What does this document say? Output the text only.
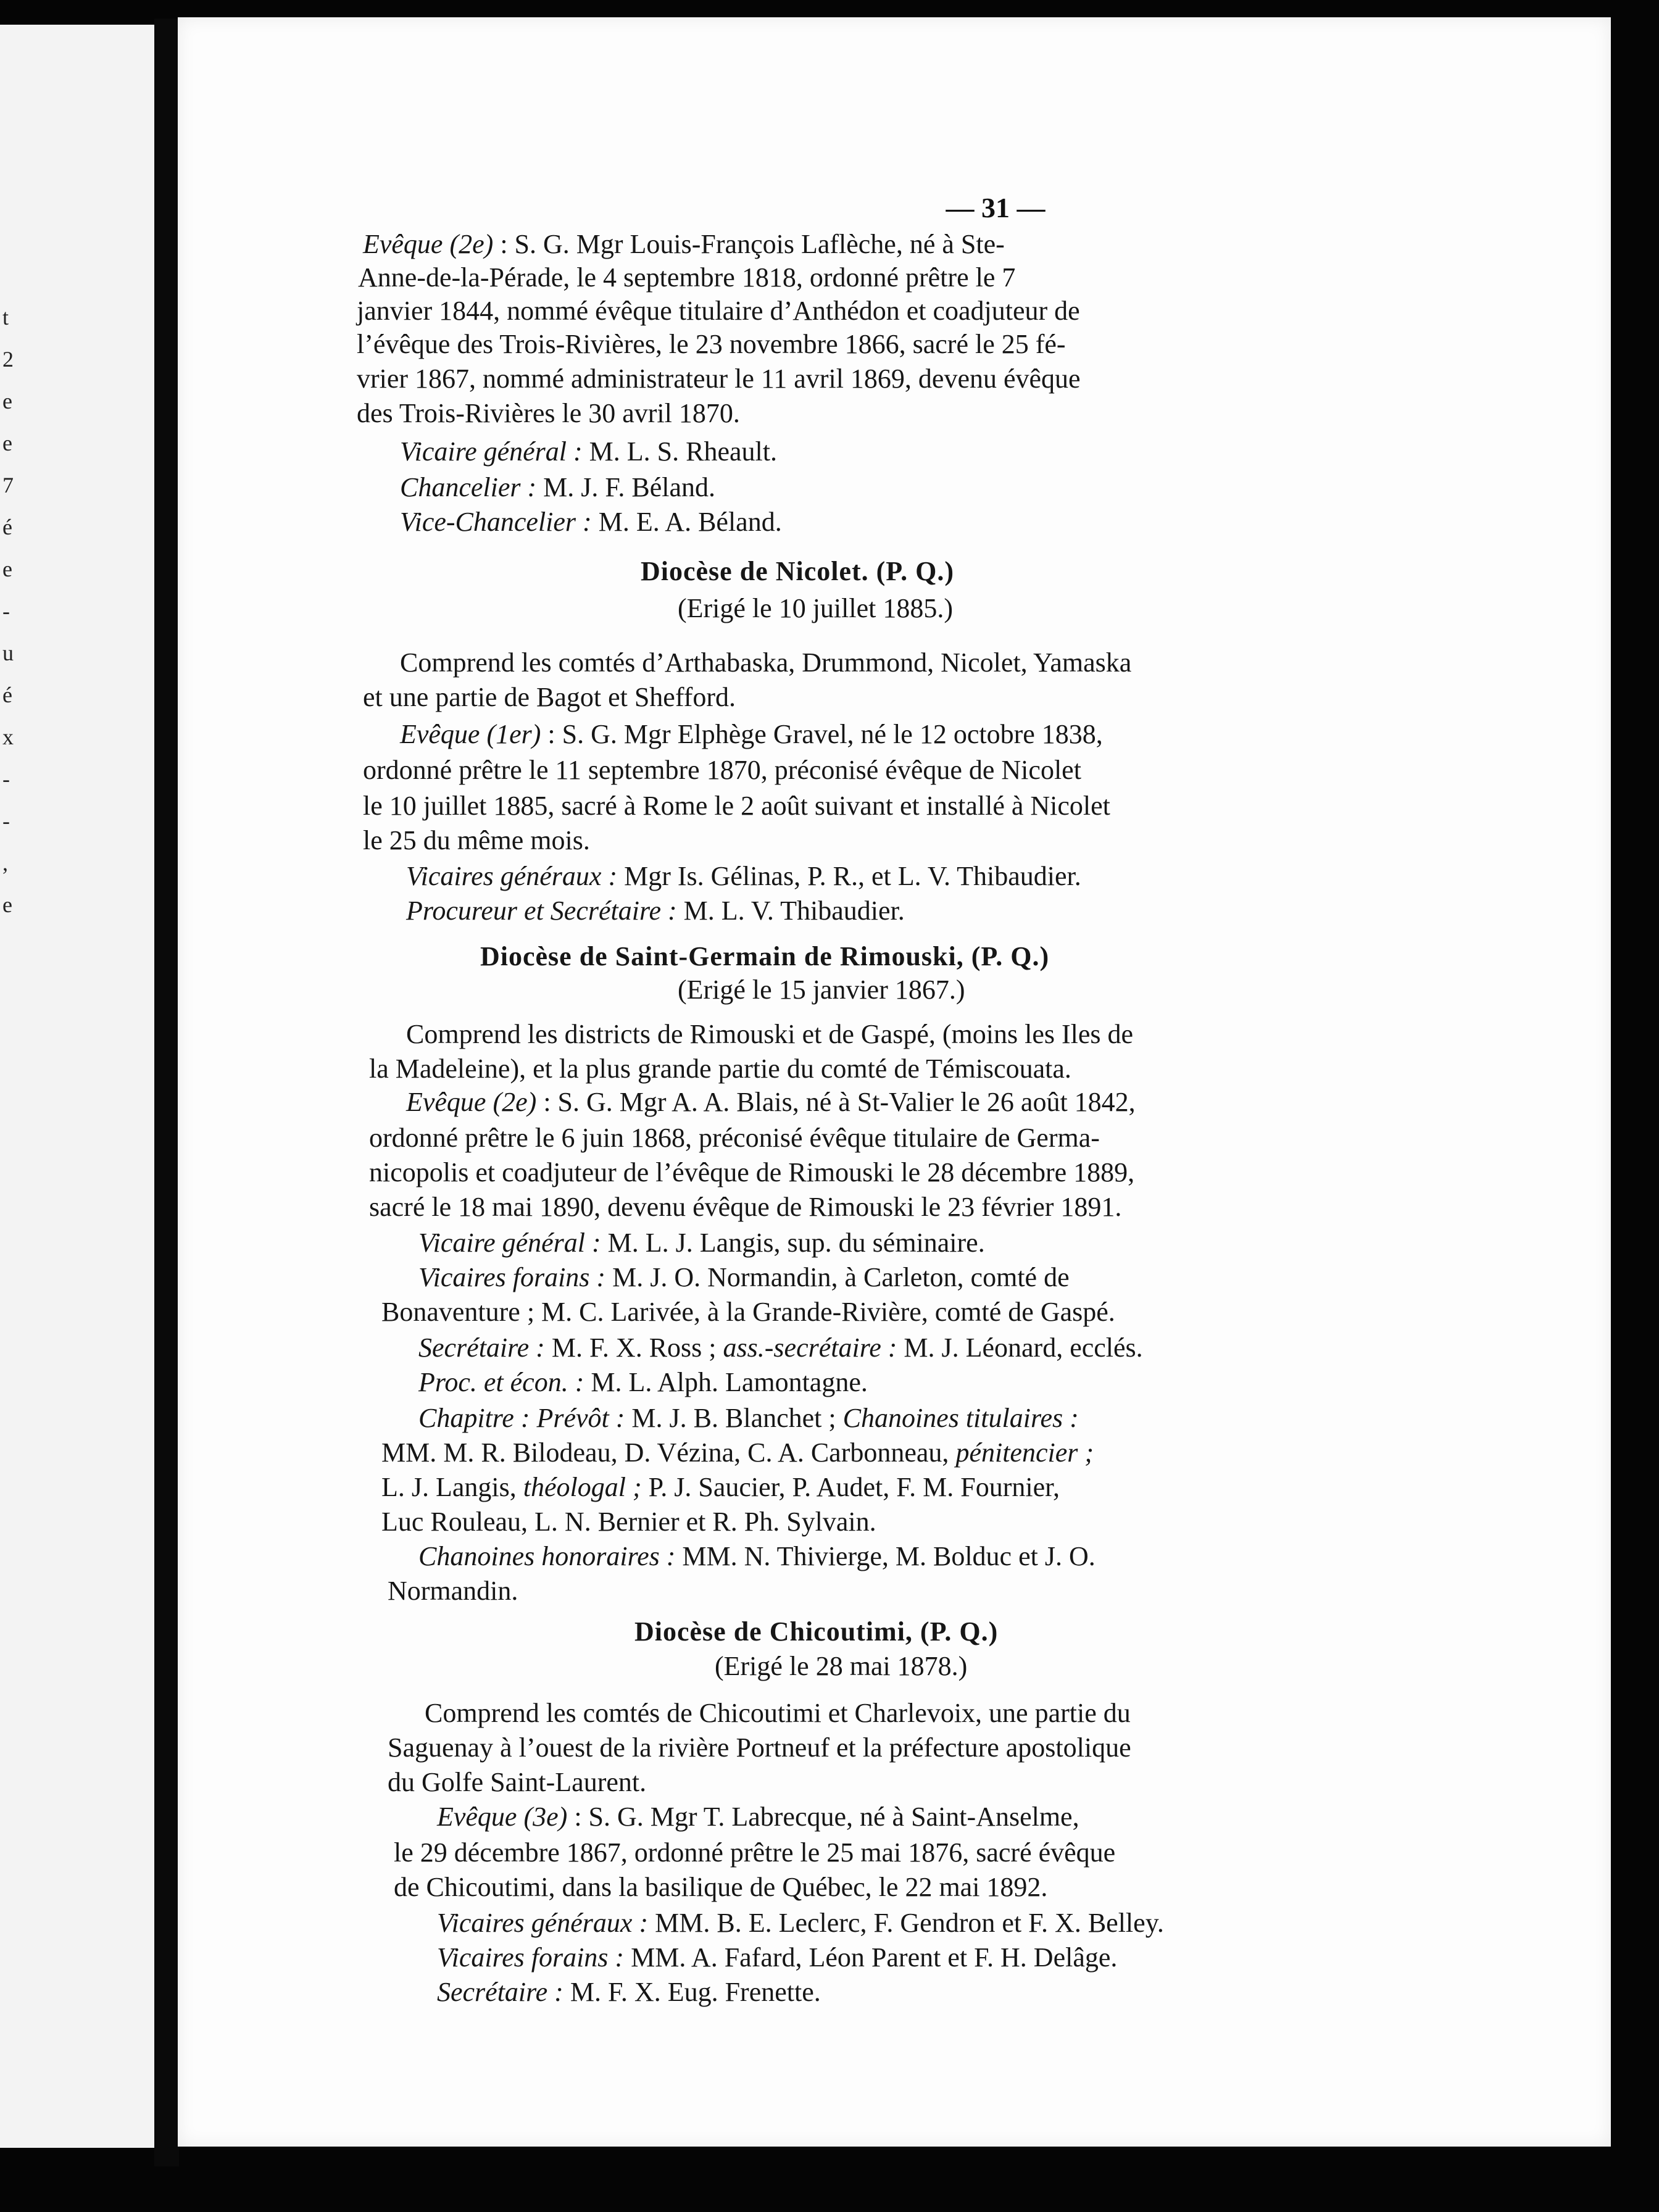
t
2
e
e
7
é
e
-
u
é
x
-
-
,
e
— 31 —
Evêque (2e) : S. G. Mgr Louis-François Laflèche, né à Ste-
Anne-de-la-Pérade, le 4 septembre 1818, ordonné prêtre le 7
janvier 1844, nommé évêque titulaire d’Anthédon et coadjuteur de
l’évêque des Trois-Rivières, le 23 novembre 1866, sacré le 25 fé-
vrier 1867, nommé administrateur le 11 avril 1869, devenu évêque
des Trois-Rivières le 30 avril 1870.
Vicaire général : M. L. S. Rheault.
Chancelier : M. J. F. Béland.
Vice-Chancelier : M. E. A. Béland.
Diocèse de Nicolet. (P. Q.)
(Erigé le 10 juillet 1885.)
Comprend les comtés d’Arthabaska, Drummond, Nicolet, Yamaska
et une partie de Bagot et Shefford.
Evêque (1er) : S. G. Mgr Elphège Gravel, né le 12 octobre 1838,
ordonné prêtre le 11 septembre 1870, préconisé évêque de Nicolet
le 10 juillet 1885, sacré à Rome le 2 août suivant et installé à Nicolet
le 25 du même mois.
Vicaires généraux : Mgr Is. Gélinas, P. R., et L. V. Thibaudier.
Procureur et Secrétaire : M. L. V. Thibaudier.
Diocèse de Saint-Germain de Rimouski, (P. Q.)
(Erigé le 15 janvier 1867.)
Comprend les districts de Rimouski et de Gaspé, (moins les Iles de
la Madeleine), et la plus grande partie du comté de Témiscouata.
Evêque (2e) : S. G. Mgr A. A. Blais, né à St-Valier le 26 août 1842,
ordonné prêtre le 6 juin 1868, préconisé évêque titulaire de Germa-
nicopolis et coadjuteur de l’évêque de Rimouski le 28 décembre 1889,
sacré le 18 mai 1890, devenu évêque de Rimouski le 23 février 1891.
Vicaire général : M. L. J. Langis, sup. du séminaire.
Vicaires forains : M. J. O. Normandin, à Carleton, comté de
Bonaventure ; M. C. Larivée, à la Grande-Rivière, comté de Gaspé.
Secrétaire : M. F. X. Ross ; ass.-secrétaire : M. J. Léonard, ecclés.
Proc. et écon. : M. L. Alph. Lamontagne.
Chapitre : Prévôt : M. J. B. Blanchet ; Chanoines titulaires :
MM. M. R. Bilodeau, D. Vézina, C. A. Carbonneau, pénitencier ;
L. J. Langis, théologal ; P. J. Saucier, P. Audet, F. M. Fournier,
Luc Rouleau, L. N. Bernier et R. Ph. Sylvain.
Chanoines honoraires : MM. N. Thivierge, M. Bolduc et J. O.
Normandin.
Diocèse de Chicoutimi, (P. Q.)
(Erigé le 28 mai 1878.)
Comprend les comtés de Chicoutimi et Charlevoix, une partie du
Saguenay à l’ouest de la rivière Portneuf et la préfecture apostolique
du Golfe Saint-Laurent.
Evêque (3e) : S. G. Mgr T. Labrecque, né à Saint-Anselme,
le 29 décembre 1867, ordonné prêtre le 25 mai 1876, sacré évêque
de Chicoutimi, dans la basilique de Québec, le 22 mai 1892.
Vicaires généraux : MM. B. E. Leclerc, F. Gendron et F. X. Belley.
Vicaires forains : MM. A. Fafard, Léon Parent et F. H. Delâge.
Secrétaire : M. F. X. Eug. Frenette.
